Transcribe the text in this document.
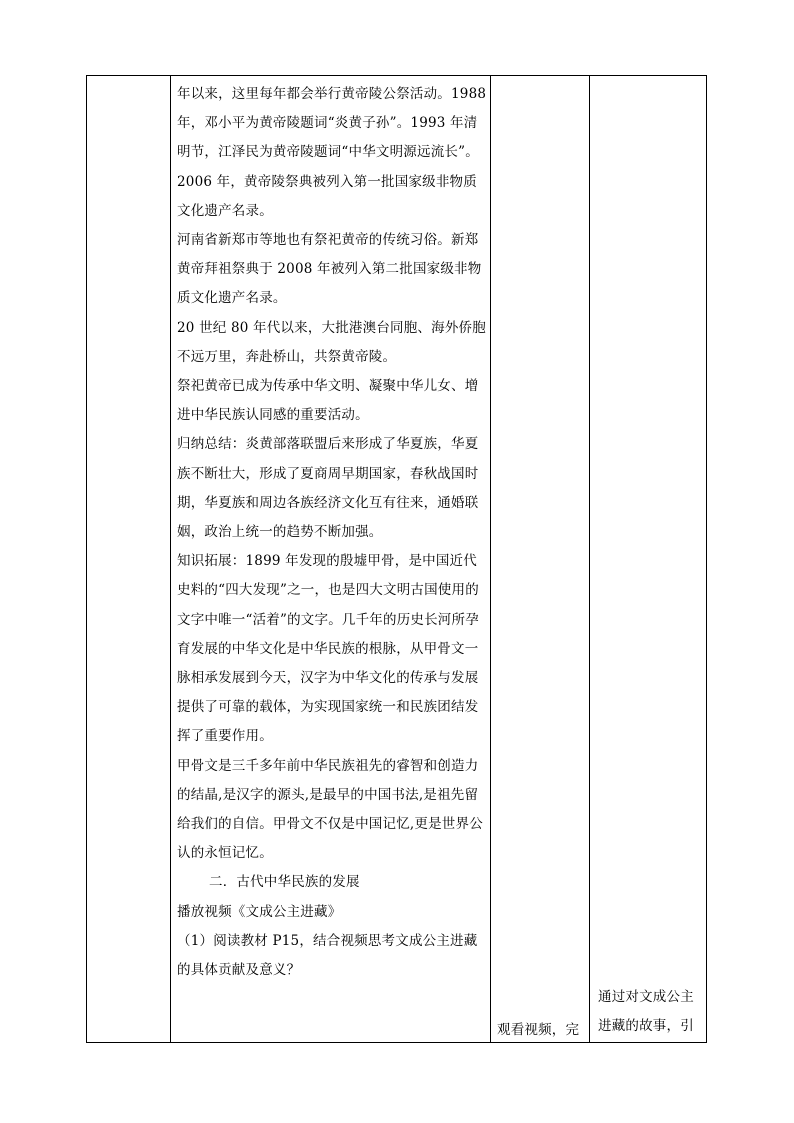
年以来，这里每年都会举行黄帝陵公祭活动。1988年，邓小平为黄帝陵题词“炎黄子孙”。1993 年清明节，江泽民为黄帝陵题词“中华文明源远流长”。

2006 年，黄帝陵祭典被列入第一批国家级非物质文化遗产名录。

河南省新郑市等地也有祭祀黄帝的传统习俗。新郑黄帝拜祖祭典于 2008 年被列入第二批国家级非物质文化遗产名录。

20 世纪 80 年代以来，大批港澳台同胞、海外侨胞不远万里，奔赴桥山，共祭黄帝陵。

祭祀黄帝已成为传承中华文明、凝聚中华儿女、增进中华民族认同感的重要活动。

归纳总结：炎黄部落联盟后来形成了华夏族，华夏族不断壮大，形成了夏商周早期国家，春秋战国时期，华夏族和周边各族经济文化互有往来，通婚联姻，政治上统一的趋势不断加强。

知识拓展：1899 年发现的殷墟甲骨，是中国近代史料的“四大发现”之一，也是四大文明古国使用的文字中唯一“活着”的文字。几千年的历史长河所孕育发展的中华文化是中华民族的根脉，从甲骨文一脉相承发展到今天，汉字为中华文化的传承与发展提供了可靠的载体，为实现国家统一和民族团结发挥了重要作用。

甲骨文是三千多年前中华民族祖先的睿智和创造力的结晶,是汉字的源头,是最早的中国书法,是祖先留给我们的自信。甲骨文不仅是中国记忆,更是世界公认的永恒记忆。

二．古代中华民族的发展

播放视频《文成公主进藏》

（1）阅读教材 P15，结合视频思考文成公主进藏的具体贡献及意义？

观看视频，完

通过对文成公主

进藏的故事，引
